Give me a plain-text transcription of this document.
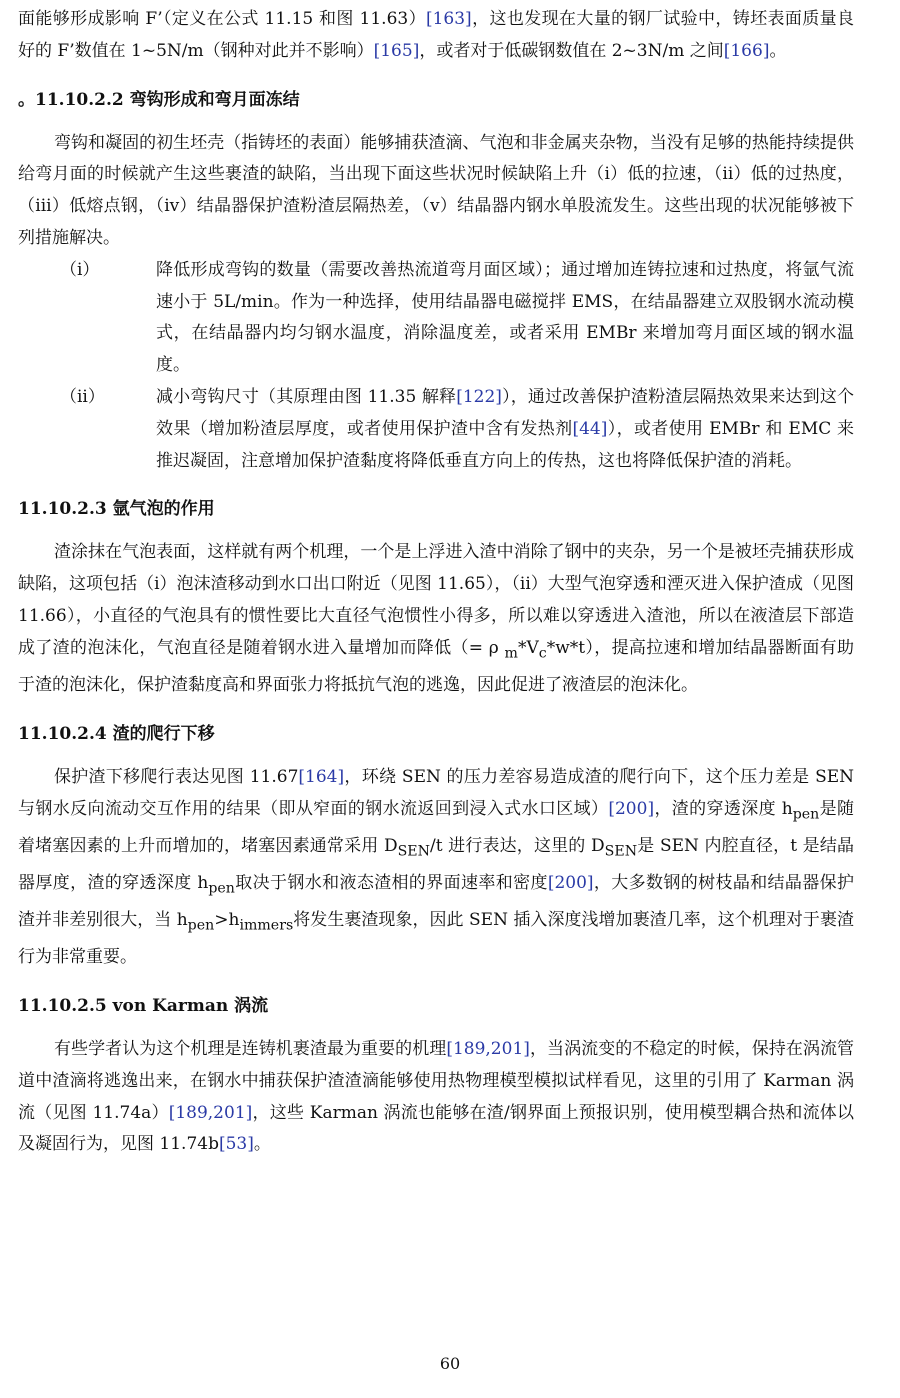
面能够形成影响 F’（定义在公式 11.15 和图 11.63）[163]，这也发现在大量的钢厂试验中，铸坯表面质量良好的 F’数值在 1~5N/m（钢种对此并不影响）[165]，或者对于低碳钢数值在 2~3N/m 之间[166]。

。11.10.2.2 弯钩形成和弯月面冻结

弯钩和凝固的初生坯壳（指铸坯的表面）能够捕获渣滴、气泡和非金属夹杂物，当没有足够的热能持续提供给弯月面的时候就产生这些裹渣的缺陷，当出现下面这些状况时候缺陷上升（i）低的拉速，（ii）低的过热度，（iii）低熔点钢，（iv）结晶器保护渣粉渣层隔热差，（v）结晶器内钢水单股流发生。这些出现的状况能够被下列措施解决。

（i）	降低形成弯钩的数量（需要改善热流道弯月面区域）；通过增加连铸拉速和过热度，将氩气流速小于 5L/min。作为一种选择，使用结晶器电磁搅拌 EMS，在结晶器建立双股钢水流动模式，在结晶器内均匀钢水温度，消除温度差，或者采用 EMBr 来增加弯月面区域的钢水温度。

（ii）	减小弯钩尺寸（其原理由图 11.35 解释[122]），通过改善保护渣粉渣层隔热效果来达到这个效果（增加粉渣层厚度，或者使用保护渣中含有发热剂[44]），或者使用 EMBr 和 EMC 来推迟凝固，注意增加保护渣黏度将降低垂直方向上的传热，这也将降低保护渣的消耗。

11.10.2.3 氩气泡的作用

渣涂抹在气泡表面，这样就有两个机理，一个是上浮进入渣中消除了钢中的夹杂，另一个是被坯壳捕获形成缺陷，这项包括（i）泡沫渣移动到水口出口附近（见图 11.65），（ii）大型气泡穿透和湮灭进入保护渣成（见图 11.66），小直径的气泡具有的惯性要比大直径气泡惯性小得多，所以难以穿透进入渣池，所以在液渣层下部造成了渣的泡沫化，气泡直径是随着钢水进入量增加而降低（= ρ $_m*V_c*w*t$），提高拉速和增加结晶器断面有助于渣的泡沫化，保护渣黏度高和界面张力将抵抗气泡的逃逸，因此促进了液渣层的泡沫化。

11.10.2.4 渣的爬行下移

保护渣下移爬行表达见图 11.67[164]，环绕 SEN 的压力差容易造成渣的爬行向下，这个压力差是 SEN 与钢水反向流动交互作用的结果（即从窄面的钢水流返回到浸入式水口区域）[200]，渣的穿透深度 $h_{pen}$是随着堵塞因素的上升而增加的，堵塞因素通常采用 $D_{SEN}/t$ 进行表达，这里的 $D_{SEN}$是 SEN 内腔直径，t 是结晶器厚度，渣的穿透深度 $h_{pen}$取决于钢水和液态渣相的界面速率和密度[200]，大多数钢的树枝晶和结晶器保护渣并非差别很大，当 $h_{pen}>h_{immers}$将发生裹渣现象，因此 SEN 插入深度浅增加裹渣几率，这个机理对于裹渣行为非常重要。

11.10.2.5 von Karman 涡流

有些学者认为这个机理是连铸机裹渣最为重要的机理[189,201]，当涡流变的不稳定的时候，保持在涡流管道中渣滴将逃逸出来，在钢水中捕获保护渣渣滴能够使用热物理模型模拟试样看见，这里的引用了 Karman 涡流（见图 11.74a）[189,201]，这些 Karman 涡流也能够在渣/钢界面上预报识别，使用模型耦合热和流体以及凝固行为，见图 11.74b[53]。

60
